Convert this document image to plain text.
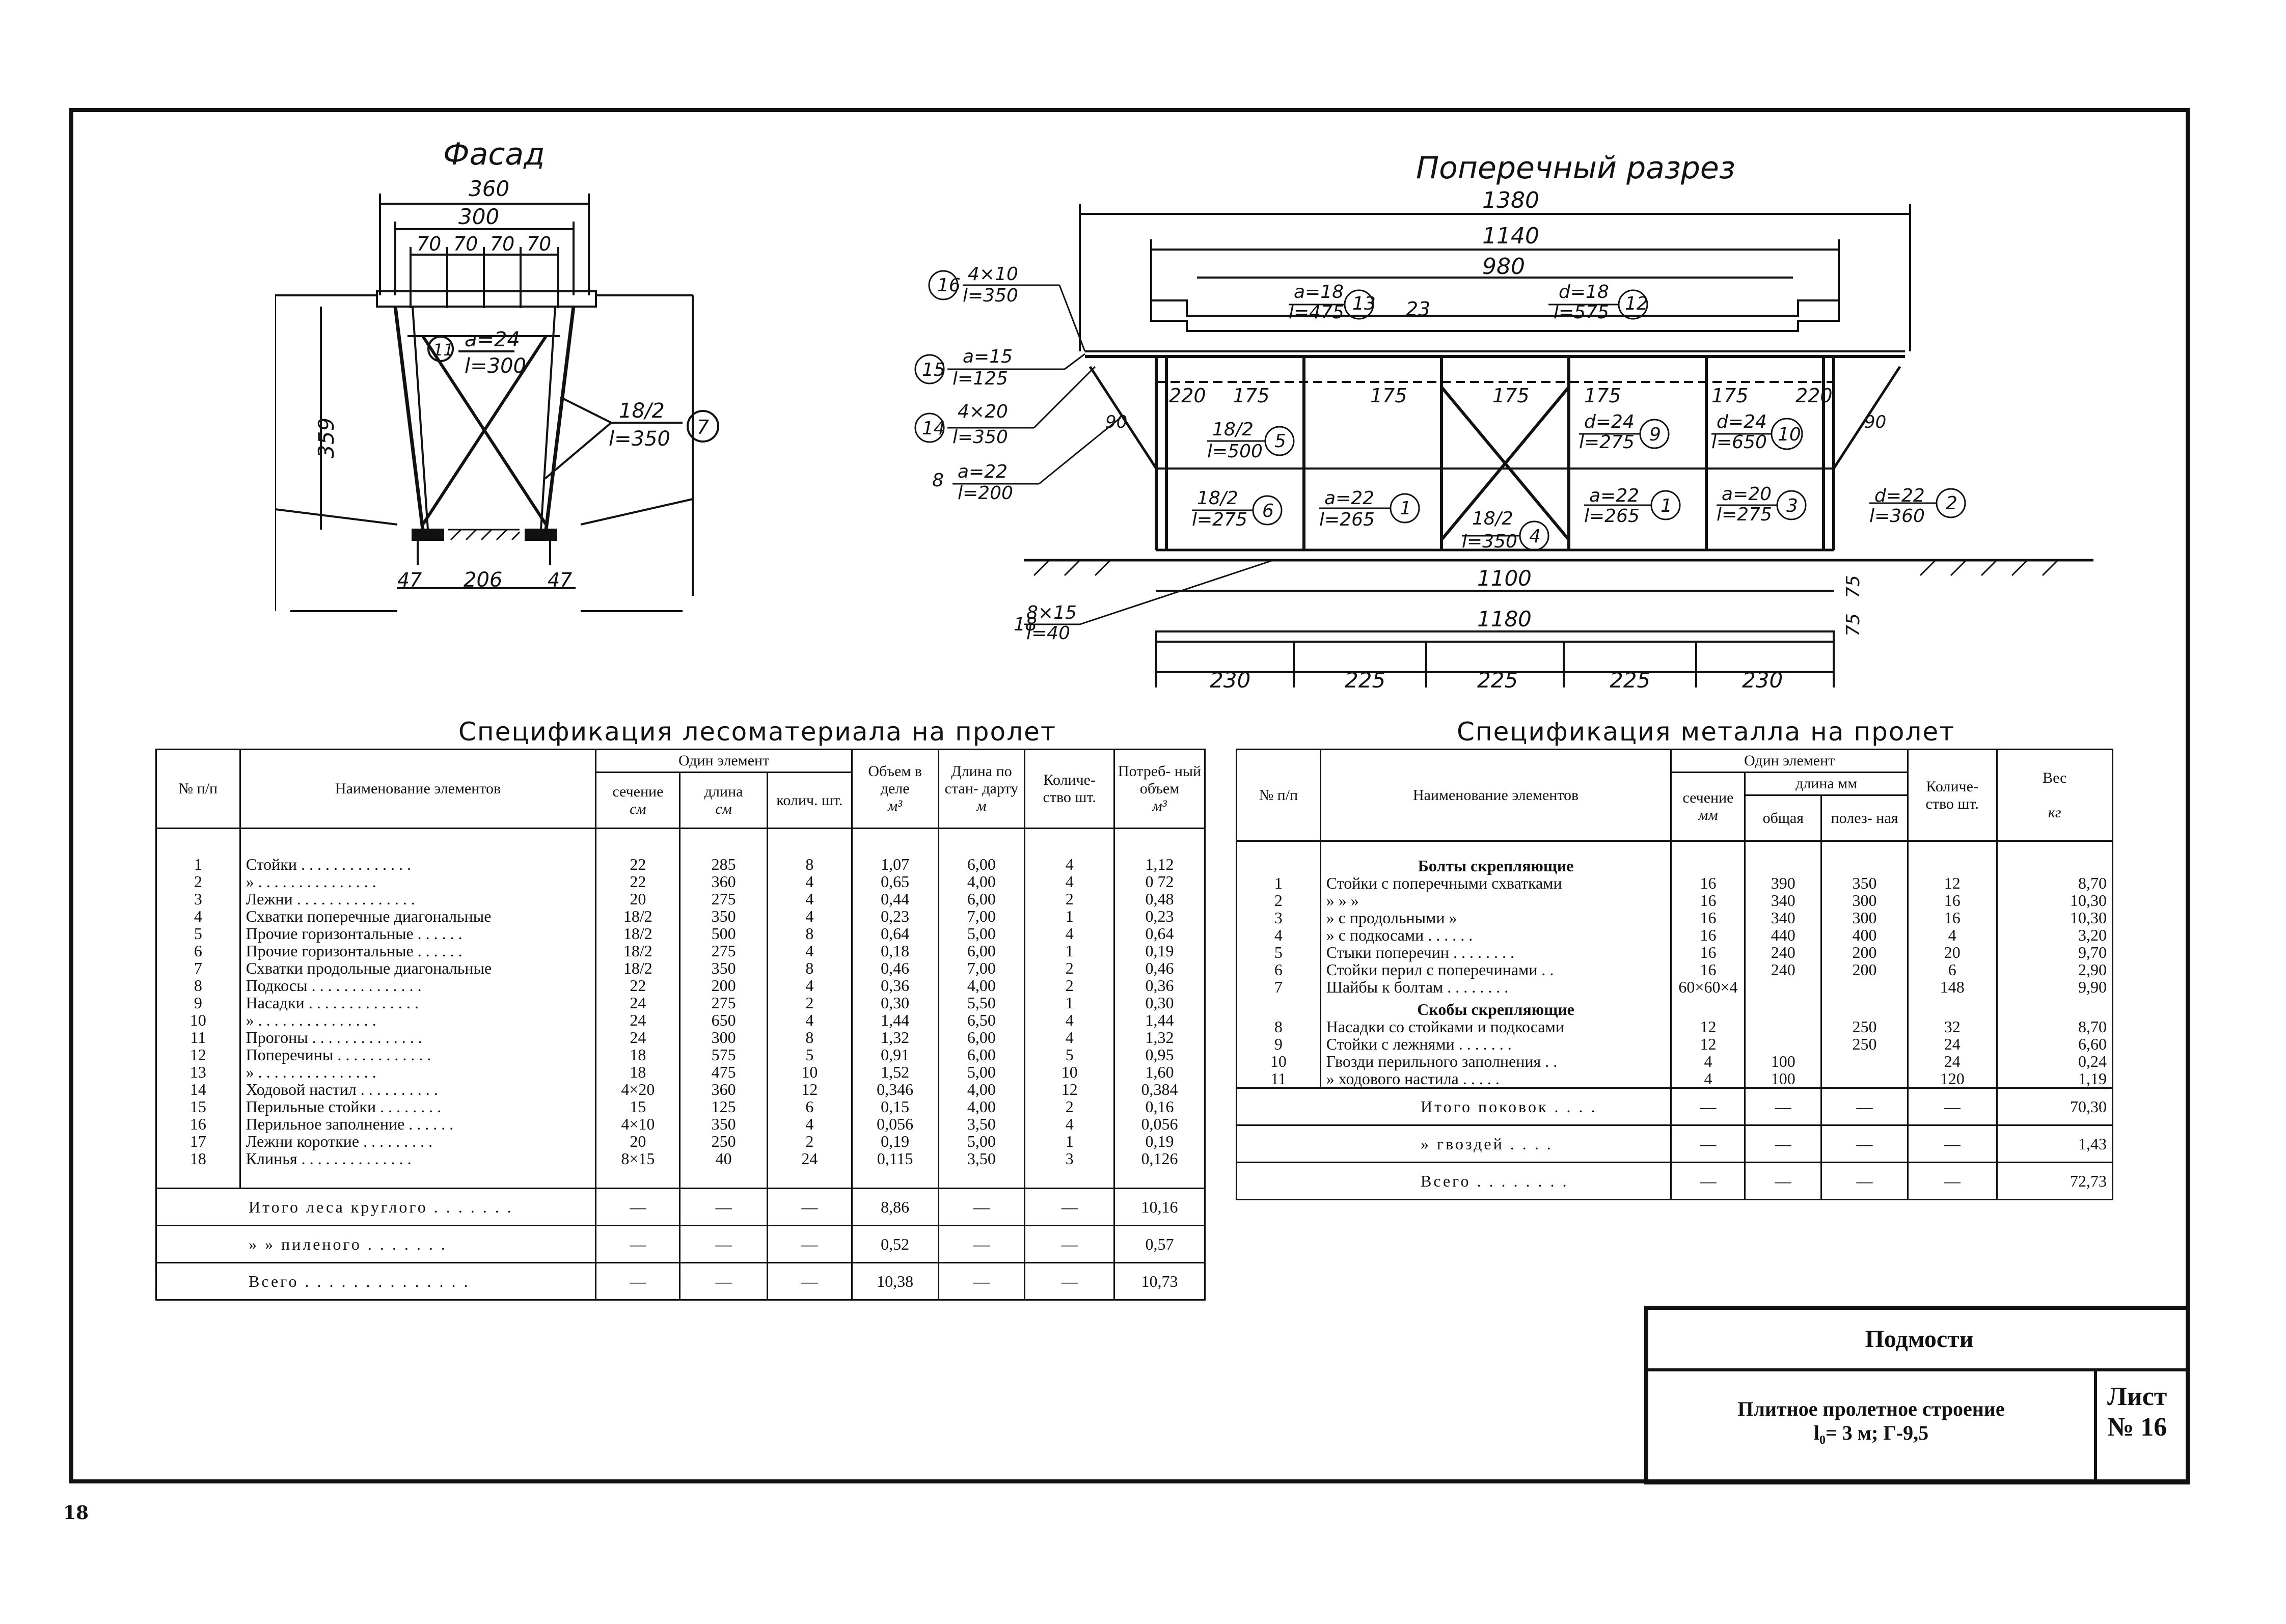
Фасад
360
300
70 70 70 70
359
47 206 47
11 a=24
l=300
18/2
l=350 7
Поперечный разрез
1380
1140
980
23
1100
1180
75
75
220 175	175	175	175	175 220
90	90
230	225	225	225	230
16
4×10
l=350
15
a=15
l=125
14
4×20
l=350
8 a=22
l=200
13
a=18
l=475	12
d=18
l=575
5
18/2
l=500
6
18/2
l=275
1
a=22
l=265
4
18/2
l=350
9
d=24
l=275	10
d=24
l=650
1
a=22
l=265	3
a=20
l=275
2
d=22
l=360
18
8×15
l=40
Спецификация лесоматериала на пролет
№ п/п	Наименование элементов	Один элемент			Объем в деле
м³	Длина по стан- дарту
м	Количе- ство шт.	Потреб- ный объем
м³
		сечение
см	длина
см	колич. шт.				

1	Стойки . . . . . . . . . . . . . .	22	285	8	1,07	6,00	4	1,12
2	» . . . . . . . . . . . . . . .	22	360	4	0,65	4,00	4	0 72
3	Лежни . . . . . . . . . . . . . . .	20	275	4	0,44	6,00	2	0,48
4	Схватки поперечные диагональные	18/2	350	4	0,23	7,00	1	0,23
5	Прочие горизонтальные . . . . . .	18/2	500	8	0,64	5,00	4	0,64
6	Прочие горизонтальные . . . . . .	18/2	275	4	0,18	6,00	1	0,19
7	Схватки продольные диагональные	18/2	350	8	0,46	7,00	2	0,46
8	Подкосы . . . . . . . . . . . . . .	22	200	4	0,36	4,00	2	0,36
9	Насадки . . . . . . . . . . . . . .	24	275	2	0,30	5,50	1	0,30
10	» . . . . . . . . . . . . . . .	24	650	4	1,44	6,50	4	1,44
11	Прогоны . . . . . . . . . . . . . .	24	300	8	1,32	6,00	4	1,32
12	Поперечины . . . . . . . . . . . .	18	575	5	0,91	6,00	5	0,95
13	» . . . . . . . . . . . . . . .	18	475	10	1,52	5,00	10	1,60
14	Ходовой настил . . . . . . . . . .	4×20	360	12	0,346	4,00	12	0,384
15	Перильные стойки . . . . . . . .	15	125	6	0,15	4,00	2	0,16
16	Перильное заполнение . . . . . .	4×10	350	4	0,056	3,50	4	0,056
17	Лежни короткие . . . . . . . . .	20	250	2	0,19	5,00	1	0,19
18	Клинья . . . . . . . . . . . . . .	8×15	40	24	0,115	3,50	3	0,126

Итого леса круглого . . . . . . .		—	—	—	8,86	—	—	10,16
» » пиленого . . . . . . .		—	—	—	0,52	—	—	0,57
Всего . . . . . . . . . . . . . .		—	—	—	10,38	—	—	10,73
Спецификация металла на пролет
№ п/п	Наименование элементов	Один элемент			Количе- ство шт.	Вес

кг
		сечение
мм	длина мм			
			общая	полез- ная		

	Болты скрепляющие					
1	Стойки с поперечными схватками	16	390	350	12	8,70
2	» » »	16	340	300	16	10,30
3	» с продольными »	16	340	300	16	10,30
4	» с подкосами . . . . . .	16	440	400	4	3,20
5	Стыки поперечин . . . . . . . .	16	240	200	20	9,70
6	Стойки перил с поперечинами . .	16	240	200	6	2,90
7	Шайбы к болтам . . . . . . . .	60×60×4			148	9,90
	Скобы скрепляющие					
8	Насадки со стойками и подкосами	12		250	32	8,70
9	Стойки с лежнями . . . . . . .	12		250	24	6,60
10	Гвозди перильного заполнения . .	4	100		24	0,24
11	» ходового настила . . . . .	4	100		120	1,19
Итого поковок . . . .		—	—	—	—	70,30
» гвоздей . . . .		—	—	—	—	1,43
Всего . . . . . . . .		—	—	—	—	72,73
Подмости
Плитное пролетное строение
l₀= 3 м; Г-9,5
Лист
№ 16
18
